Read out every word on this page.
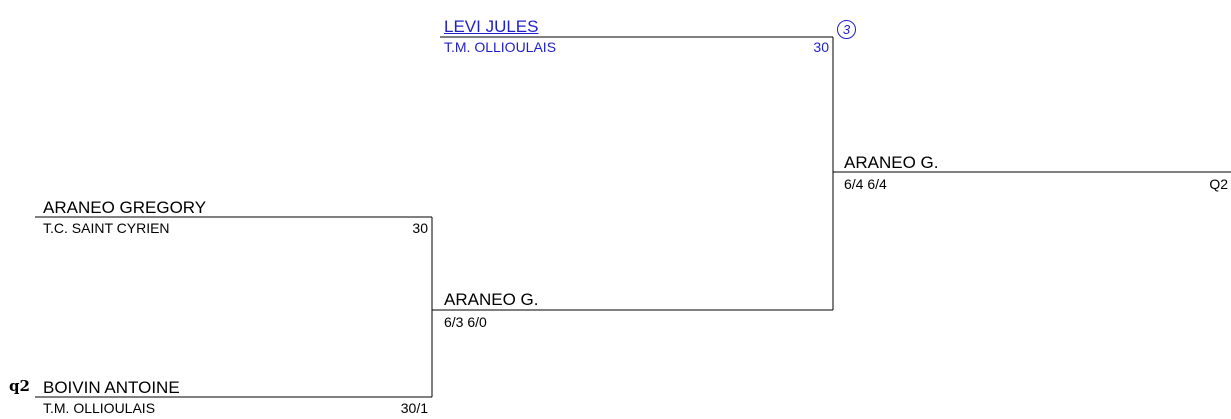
LEVI JULES
T.M. OLLIOULAIS	30
3
ARANEO GREGORY
T.C. SAINT CYRIEN	30
q2 BOIVIN ANTOINE
T.M. OLLIOULAIS	30/1
ARANEO G.
6/3 6/0
ARANEO G.
6/4 6/4	Q2
